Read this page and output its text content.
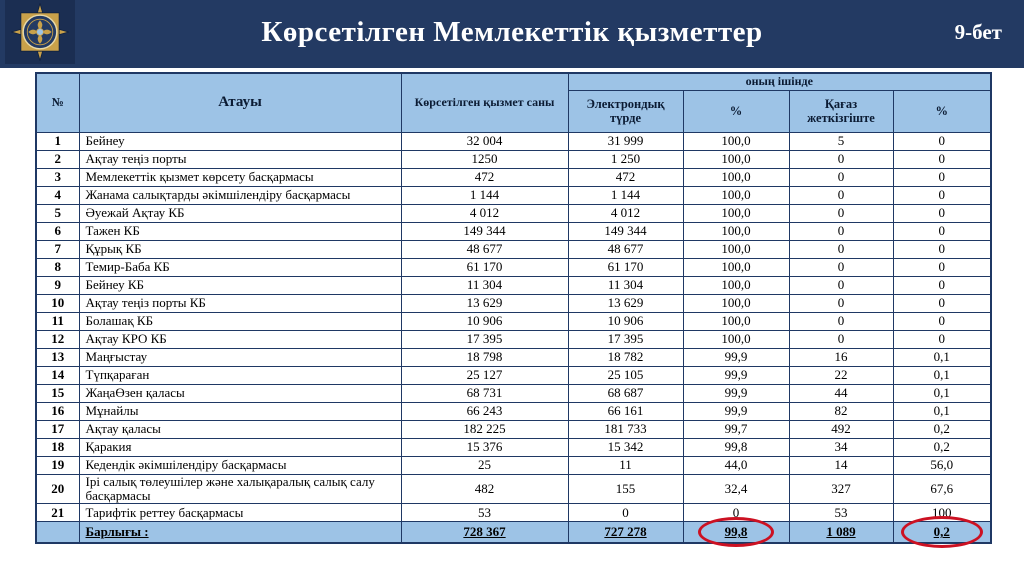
Көрсетілген Мемлекеттік қызметтер	9-бет
№	Атауы	Көрсетілген қызмет саны	оның ішінде			
			Электрондық түрде	%	Қағаз жеткізгіште	%
1	Бейнеу	32 004	31 999	100,0	5	0
2	Ақтау теңіз порты	1250	1 250	100,0	0	0
3	Мемлекеттік қызмет көрсету басқармасы	472	472	100,0	0	0
4	Жанама салықтарды әкімшілендіру басқармасы	1 144	1 144	100,0	0	0
5	Әуежай Ақтау КБ	4 012	4 012	100,0	0	0
6	Тажен КБ	149 344	149 344	100,0	0	0
7	Құрық КБ	48 677	48 677	100,0	0	0
8	Темир-Баба КБ	61 170	61 170	100,0	0	0
9	Бейнеу КБ	11 304	11 304	100,0	0	0
10	Ақтау теңіз порты КБ	13 629	13 629	100,0	0	0
11	Болашақ КБ	10 906	10 906	100,0	0	0
12	Ақтау КРО КБ	17 395	17 395	100,0	0	0
13	Маңғыстау	18 798	18 782	99,9	16	0,1
14	Түпқараған	25 127	25 105	99,9	22	0,1
15	ЖаңаӨзен қаласы	68 731	68 687	99,9	44	0,1
16	Мұнайлы	66 243	66 161	99,9	82	0,1
17	Ақтау қаласы	182 225	181 733	99,7	492	0,2
18	Қаракия	15 376	15 342	99,8	34	0,2
19	Кедендік әкімшілендіру басқармасы	25	11	44,0	14	56,0
20	Ірі салық төлеушілер және халықаралық салық салу басқармасы	482	155	32,4	327	67,6
21	Тарифтік реттеу басқармасы	53	0	0	53	100
	Барлығы :	728 367	727 278	99,8	1 089	0,2
